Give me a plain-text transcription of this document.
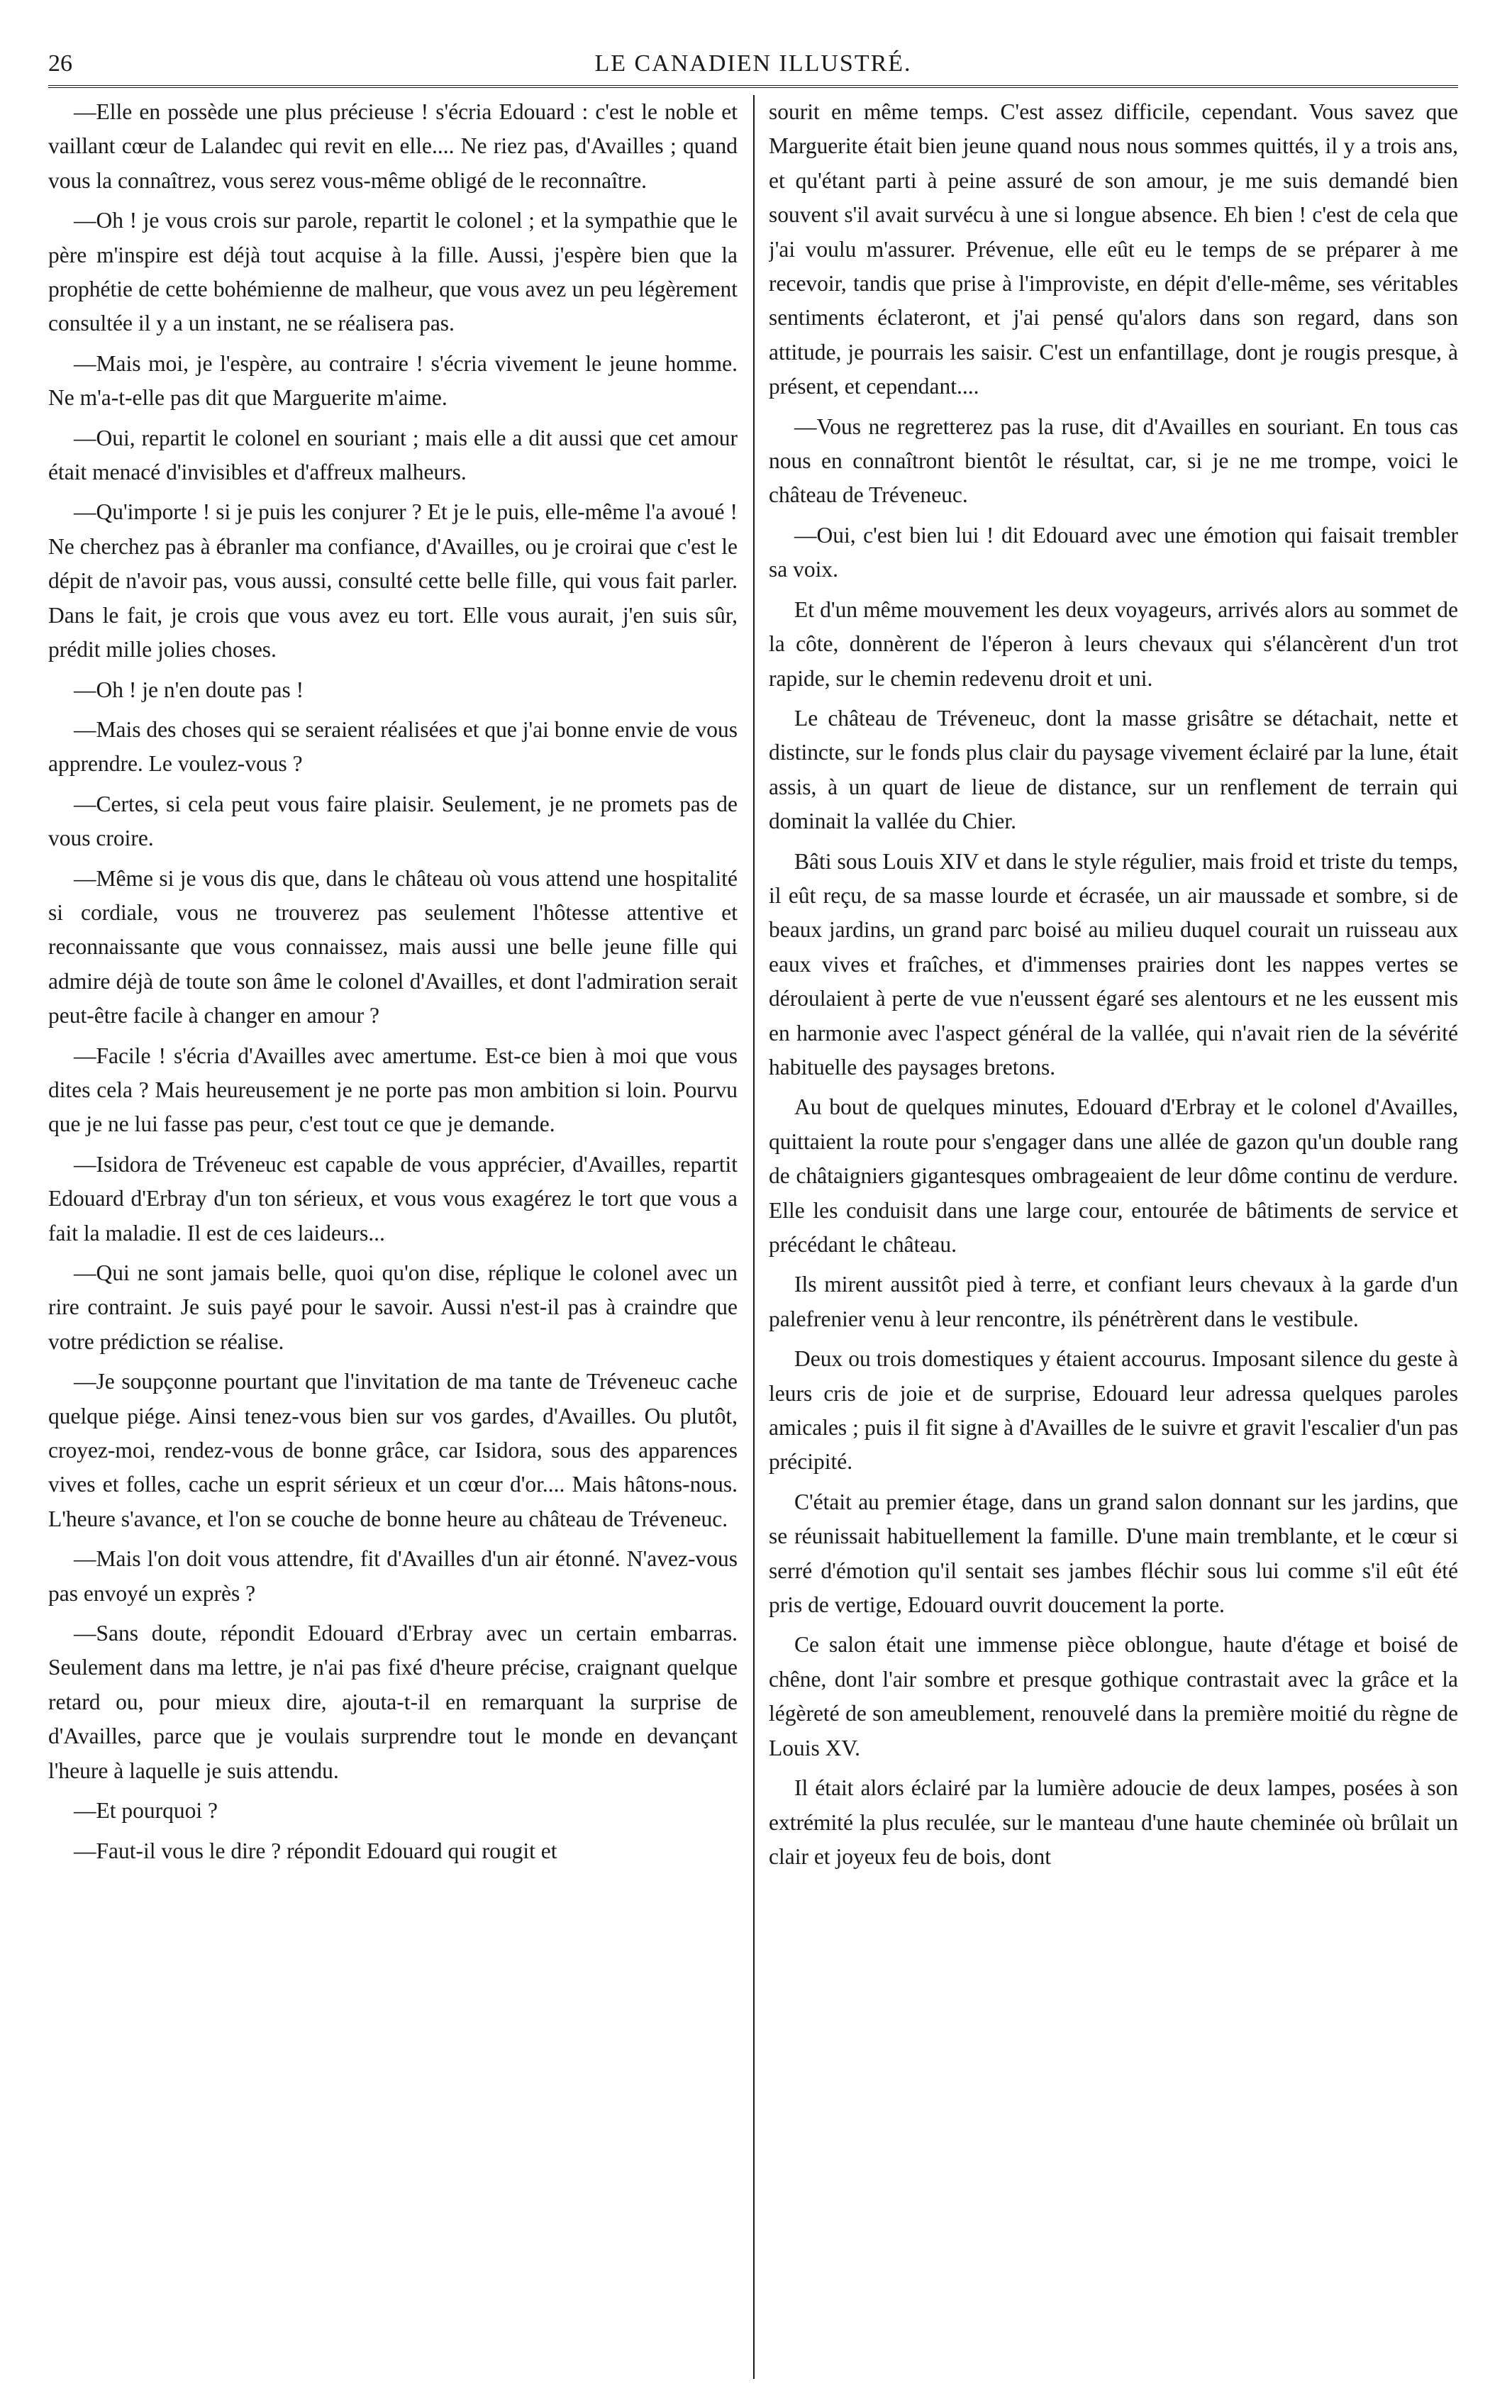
26	LE CANADIEN ILLUSTRÉ.

—Elle en possède une plus précieuse ! s'écria Edouard : c'est le noble et vaillant cœur de Lalandec qui revit en elle.... Ne riez pas, d'Availles ; quand vous la connaîtrez, vous serez vous-même obligé de le reconnaître.

—Oh ! je vous crois sur parole, repartit le colonel ; et la sympathie que le père m'inspire est déjà tout acquise à la fille. Aussi, j'espère bien que la prophétie de cette bohémienne de malheur, que vous avez un peu légèrement consultée il y a un instant, ne se réalisera pas.

—Mais moi, je l'espère, au contraire ! s'écria vivement le jeune homme. Ne m'a-t-elle pas dit que Marguerite m'aime.

—Oui, repartit le colonel en souriant ; mais elle a dit aussi que cet amour était menacé d'invisibles et d'affreux malheurs.

—Qu'importe ! si je puis les conjurer ? Et je le puis, elle-même l'a avoué ! Ne cherchez pas à ébranler ma confiance, d'Availles, ou je croirai que c'est le dépit de n'avoir pas, vous aussi, consulté cette belle fille, qui vous fait parler. Dans le fait, je crois que vous avez eu tort. Elle vous aurait, j'en suis sûr, prédit mille jolies choses.

—Oh ! je n'en doute pas !

—Mais des choses qui se seraient réalisées et que j'ai bonne envie de vous apprendre. Le voulez-vous ?

—Certes, si cela peut vous faire plaisir. Seulement, je ne promets pas de vous croire.

—Même si je vous dis que, dans le château où vous attend une hospitalité si cordiale, vous ne trouverez pas seulement l'hôtesse attentive et reconnaissante que vous connaissez, mais aussi une belle jeune fille qui admire déjà de toute son âme le colonel d'Availles, et dont l'admiration serait peut-être facile à changer en amour ?

—Facile ! s'écria d'Availles avec amertume. Est-ce bien à moi que vous dites cela ? Mais heureusement je ne porte pas mon ambition si loin. Pourvu que je ne lui fasse pas peur, c'est tout ce que je demande.

—Isidora de Tréveneuc est capable de vous apprécier, d'Availles, repartit Edouard d'Erbray d'un ton sérieux, et vous vous exagérez le tort que vous a fait la maladie. Il est de ces laideurs...

—Qui ne sont jamais belle, quoi qu'on dise, réplique le colonel avec un rire contraint. Je suis payé pour le savoir. Aussi n'est-il pas à craindre que votre prédiction se réalise.

—Je soupçonne pourtant que l'invitation de ma tante de Tréveneuc cache quelque piége. Ainsi tenez-vous bien sur vos gardes, d'Availles. Ou plutôt, croyez-moi, rendez-vous de bonne grâce, car Isidora, sous des apparences vives et folles, cache un esprit sérieux et un cœur d'or.... Mais hâtons-nous. L'heure s'avance, et l'on se couche de bonne heure au château de Tréveneuc.

—Mais l'on doit vous attendre, fit d'Availles d'un air étonné. N'avez-vous pas envoyé un exprès ?

—Sans doute, répondit Edouard d'Erbray avec un certain embarras. Seulement dans ma lettre, je n'ai pas fixé d'heure précise, craignant quelque retard ou, pour mieux dire, ajouta-t-il en remarquant la surprise de d'Availles, parce que je voulais surprendre tout le monde en devançant l'heure à laquelle je suis attendu.

—Et pourquoi ?

—Faut-il vous le dire ? répondit Edouard qui rougit et

sourit en même temps. C'est assez difficile, cependant. Vous savez que Marguerite était bien jeune quand nous nous sommes quittés, il y a trois ans, et qu'étant parti à peine assuré de son amour, je me suis demandé bien souvent s'il avait survécu à une si longue absence. Eh bien ! c'est de cela que j'ai voulu m'assurer. Prévenue, elle eût eu le temps de se préparer à me recevoir, tandis que prise à l'improviste, en dépit d'elle-même, ses véritables sentiments éclateront, et j'ai pensé qu'alors dans son regard, dans son attitude, je pourrais les saisir. C'est un enfantillage, dont je rougis presque, à présent, et cependant....

—Vous ne regretterez pas la ruse, dit d'Availles en souriant. En tous cas nous en connaîtront bientôt le résultat, car, si je ne me trompe, voici le château de Tréveneuc.

—Oui, c'est bien lui ! dit Edouard avec une émotion qui faisait trembler sa voix.

Et d'un même mouvement les deux voyageurs, arrivés alors au sommet de la côte, donnèrent de l'éperon à leurs chevaux qui s'élancèrent d'un trot rapide, sur le chemin redevenu droit et uni.

Le château de Tréveneuc, dont la masse grisâtre se détachait, nette et distincte, sur le fonds plus clair du paysage vivement éclairé par la lune, était assis, à un quart de lieue de distance, sur un renflement de terrain qui dominait la vallée du Chier.

Bâti sous Louis XIV et dans le style régulier, mais froid et triste du temps, il eût reçu, de sa masse lourde et écrasée, un air maussade et sombre, si de beaux jardins, un grand parc boisé au milieu duquel courait un ruisseau aux eaux vives et fraîches, et d'immenses prairies dont les nappes vertes se déroulaient à perte de vue n'eussent égaré ses alentours et ne les eussent mis en harmonie avec l'aspect général de la vallée, qui n'avait rien de la sévérité habituelle des paysages bretons.

Au bout de quelques minutes, Edouard d'Erbray et le colonel d'Availles, quittaient la route pour s'engager dans une allée de gazon qu'un double rang de châtaigniers gigantesques ombrageaient de leur dôme continu de verdure. Elle les conduisit dans une large cour, entourée de bâtiments de service et précédant le château.

Ils mirent aussitôt pied à terre, et confiant leurs chevaux à la garde d'un palefrenier venu à leur rencontre, ils pénétrèrent dans le vestibule.

Deux ou trois domestiques y étaient accourus. Imposant silence du geste à leurs cris de joie et de surprise, Edouard leur adressa quelques paroles amicales ; puis il fit signe à d'Availles de le suivre et gravit l'escalier d'un pas précipité.

C'était au premier étage, dans un grand salon donnant sur les jardins, que se réunissait habituellement la famille. D'une main tremblante, et le cœur si serré d'émotion qu'il sentait ses jambes fléchir sous lui comme s'il eût été pris de vertige, Edouard ouvrit doucement la porte.

Ce salon était une immense pièce oblongue, haute d'étage et boisé de chêne, dont l'air sombre et presque gothique contrastait avec la grâce et la légèreté de son ameublement, renouvelé dans la première moitié du règne de Louis XV.

Il était alors éclairé par la lumière adoucie de deux lampes, posées à son extrémité la plus reculée, sur le manteau d'une haute cheminée où brûlait un clair et joyeux feu de bois, dont
